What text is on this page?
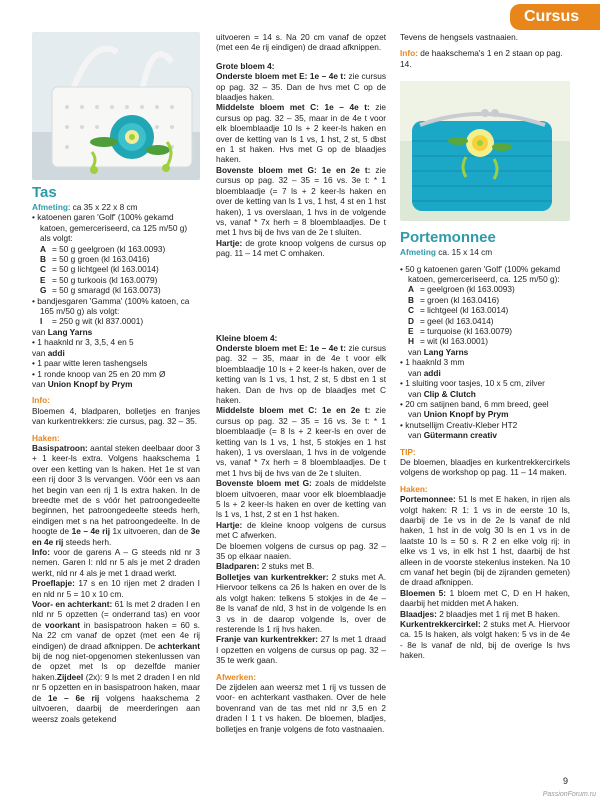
Cursus
Tas

Afmeting: ca 35 x 22 x 8 cm

• katoenen garen 'Golf' (100% gekamd katoen, gemerceriseerd, ca 125 m/50 g) als volgt:

A = 50 g geelgroen (kl 163.0093)
B = 50 g groen (kl 163.0416)
C = 50 g lichtgeel (kl 163.0014)
E = 50 g turkoois (kl 163.0079)
G = 50 g smaragd (kl 163.0073)

• bandjesgaren 'Gamma' (100% katoen, ca 165 m/50 g) als volgt:

I = 250 g wit (kl 837.0001)

van Lang Yarns

• 1 haaknld nr 3, 3,5, 4 en 5

van addi

• 1 paar witte leren tashengsels

• 1 ronde knoop van 25 en 20 mm Ø

van Union Knopf by Prym

Info:

Bloemen 4, bladparen, bolletjes en franjes van kurkentrekkers: zie cursus, pag. 32 – 35.

Haken:

Basispatroon: aantal steken deelbaar door 3 + 1 keer-ls extra. Volgens haakschema 1 over een ketting van ls haken. Het 1e st van een rij door 3 ls vervangen. Vóór een vs aan het begin van een rij 1 ls extra haken. In de breedte met de s vóór het patroongedeelte beginnen, het patroongedeelte steeds herh, eindigen met s na het patroongedeelte. In de hoogte de 1e – 4e rij 1x uitvoeren, dan de 3e en 4e rij steeds herh.

Info: voor de garens A – G steeds nld nr 3 nemen. Garen I: nld nr 5 als je met 2 draden werkt, nld nr 4 als je met 1 draad werkt.

Proeflapje: 17 s en 10 rijen met 2 draden I en nld nr 5 = 10 x 10 cm.

Voor- en achterkant: 61 ls met 2 draden I en nld nr 5 opzetten (= onderrand tas) en voor de voorkant in basispatroon haken = 60 s. Na 22 cm vanaf de opzet (met een 4e rij eindigen) de draad afknippen. De achterkant bij de nog niet-opgenomen stekenlussen van de opzet met ls op dezelfde manier haken.Zijdeel (2x): 9 ls met 2 draden I en nld nr 5 opzetten en in basispatroon haken, maar de 1e – 6e rij volgens haakschema 2 uitvoeren, daarbij de meerderingen aan weersz zoals getekend

uitvoeren = 14 s. Na 20 cm vanaf de opzet (met een 4e rij eindigen) de draad afknippen.

Grote bloem 4:

Onderste bloem met E: 1e – 4e t: zie cursus op pag. 32 – 35. Dan de hvs met C op de blaadjes haken.

Middelste bloem met C: 1e – 4e t: zie cursus op pag. 32 – 35, maar in de 4e t voor elk bloemblaadje 10 ls + 2 keer-ls haken en over de ketting van ls 1 vs, 1 hst, 2 st, 5 dbst en 1 st haken. Hvs met G op de blaadjes haken.

Bovenste bloem met G: 1e en 2e t: zie cursus op pag. 32 – 35 = 16 vs. 3e t: * 1 bloemblaadje (= 7 ls + 2 keer-ls haken en over de ketting van ls 1 vs, 1 hst, 4 st en 1 hst haken), 1 vs overslaan, 1 hvs in de volgende vs, vanaf * 7x herh = 8 bloemblaadjes. De t met 1 hvs bij de hvs van de 2e t sluiten.

Hartje: de grote knoop volgens de cursus op pag. 11 – 14 met C omhaken.

Kleine bloem 4:

Onderste bloem met E: 1e – 4e t: zie cursus pag. 32 – 35, maar in de 4e t voor elk bloemblaadje 10 ls + 2 keer-ls haken, over de ketting van ls 1 vs, 1 hst, 2 st, 5 dbst en 1 st haken. Dan de hvs op de blaadjes met C haken.

Middelste bloem met C: 1e en 2e t: zie cursus op pag. 32 – 35 = 16 vs. 3e t: * 1 bloemblaadje (= 8 ls + 2 keer-ls en over de ketting van ls 1 vs, 1 hst, 5 stokjes en 1 hst haken), 1 vs overslaan, 1 hvs in de volgende vs, vanaf * 7x herh = 8 bloemblaadjes. De t met 1 hvs bij de hvs van de 2e t sluiten.

Bovenste bloem met G: zoals de middelste bloem uitvoeren, maar voor elk bloemblaadje 5 ls + 2 keer-ls haken en over de ketting van ls 1 vs, 1 hst, 2 st en 1 hst haken.

Hartje: de kleine knoop volgens de cursus met C afwerken.

De bloemen volgens de cursus op pag. 32 – 35 op elkaar naaien.

Bladparen: 2 stuks met B.

Bolletjes van kurkentrekker: 2 stuks met A. Hiervoor telkens ca 26 ls haken en over de ls als volgt haken: telkens 5 stokjes in de 4e – 8e ls vanaf de nld, 3 hst in de volgende ls en 3 vs in de daarop volgende ls, over de resterende ls 1 rij hvs haken.

Franje van kurkentrekker: 27 ls met 1 draad I opzetten en volgens de cursus op pag. 32 – 35 te werk gaan.

Afwerken:

De zijdelen aan weersz met 1 rij vs tussen de voor- en achterkant vasthaken. Over de hele bovenrand van de tas met nld nr 3,5 en 2 draden I 1 t vs haken. De bloemen, bladjes, bolletjes en franje volgens de foto vastnaaien.

Tevens de hengsels vastnaaien.

Info: de haakschema's 1 en 2 staan op pag. 14.

Portemonnee

Afmeting ca. 15 x 14 cm

• 50 g katoenen garen 'Golf' (100% gekamd katoen, gemerceriseerd, ca. 125 m/50 g):

A = geelgroen (kl 163.0093)
B = groen (kl 163.0416)
C = lichtgeel (kl 163.0014)
D = geel (kl 163.0414)
E = turquoise (kl 163.0079)
H = wit (kl 163.0001)

van Lang Yarns

• 1 haaknld 3 mm

van addi

• 1 sluiting voor tasjes, 10 x 5 cm, zilver

van Clip & Clutch

• 20 cm satijnen band, 6 mm breed, geel

van Union Knopf by Prym

• knutsellijm Creativ-Kleber HT2

van Gütermann creativ

TIP:

De bloemen, blaadjes en kurkentrekkercirkels volgens de workshop op pag. 11 – 14 maken.

Haken:

Portemonnee: 51 ls met E haken, in rijen als volgt haken: R 1: 1 vs in de eerste 10 ls, daarbij de 1e vs in de 2e ls vanaf de nld haken, 1 hst in de volg 30 ls en 1 vs in de laatste 10 ls = 50 s. R 2 en elke volg rij: in elke vs 1 vs, in elk hst 1 hst, daarbij de hst alleen in de voorste stekenlus insteken. Na 10 cm vanaf het begin (bij de zijranden gemeten) de draad afknippen.

Bloemen 5: 1 bloem met C, D en H haken, daarbij het midden met A haken.

Blaadjes: 2 blaadjes met 1 rij met B haken.

Kurkentrekkercirkel: 2 stuks met A. Hiervoor ca. 15 ls haken, als volgt haken: 5 vs in de 4e - 8e ls vanaf de nld, bij de overige ls hvs haken.

9
PassionForum.ru
